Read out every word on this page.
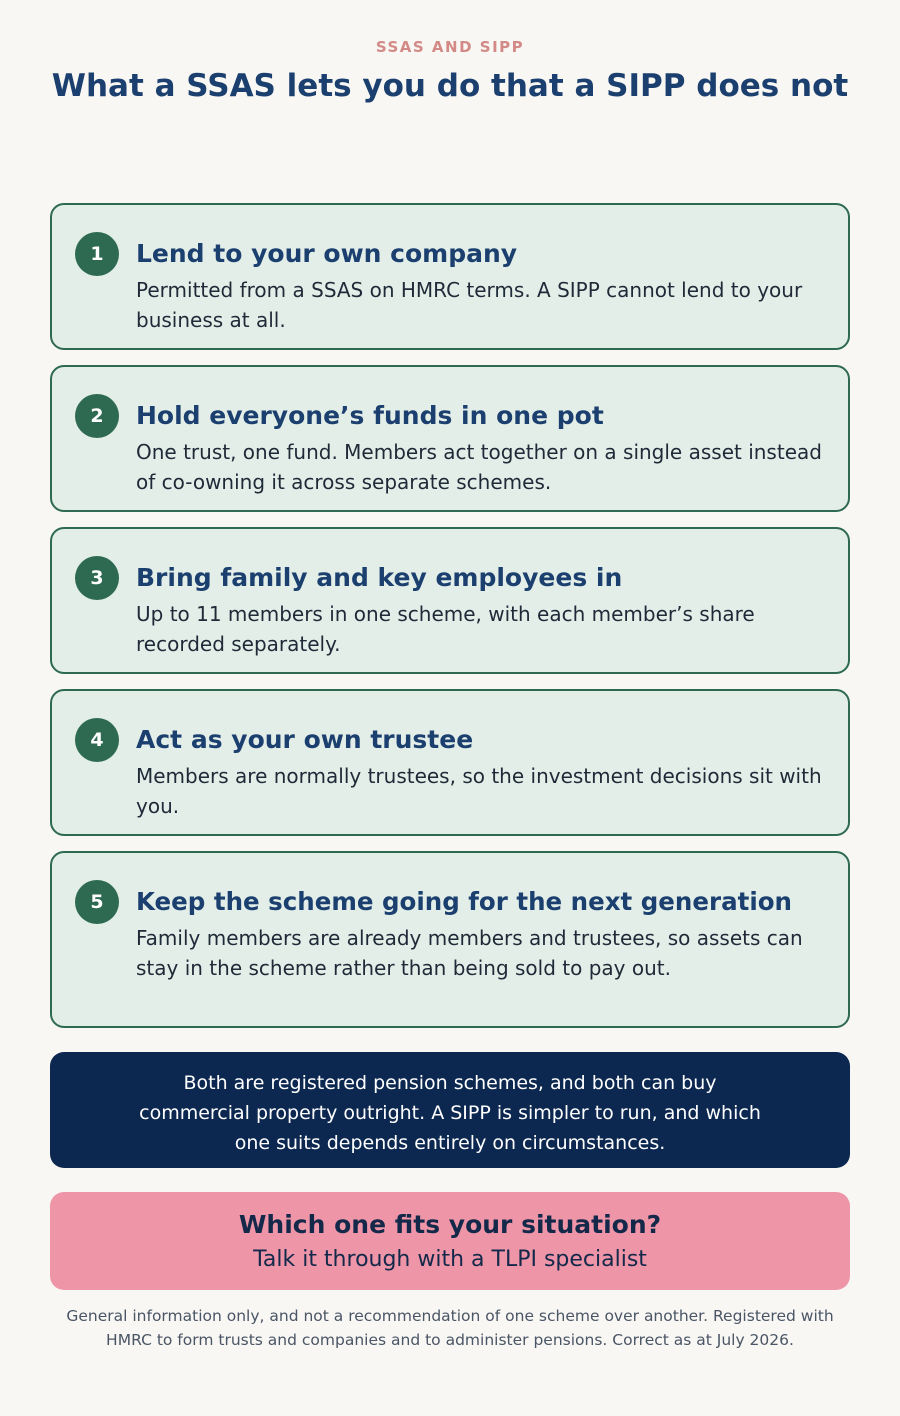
SSAS AND SIPP
What a SSAS lets you do that a SIPP does not
1	Lend to your own company
Permitted from a SSAS on HMRC terms. A SIPP cannot lend to your business at all.
2	Hold everyone’s funds in one pot
One trust, one fund. Members act together on a single asset instead of co-owning it across separate schemes.
3	Bring family and key employees in
Up to 11 members in one scheme, with each member’s share recorded separately.
4	Act as your own trustee
Members are normally trustees, so the investment decisions sit with you.
5	Keep the scheme going for the next generation
Family members are already members and trustees, so assets can stay in the scheme rather than being sold to pay out.
Both are registered pension schemes, and both can buy commercial property outright. A SIPP is simpler to run, and which one suits depends entirely on circumstances.
Which one fits your situation?
Talk it through with a TLPI specialist
General information only, and not a recommendation of one scheme over another. Registered with HMRC to form trusts and companies and to administer pensions. Correct as at July 2026.
